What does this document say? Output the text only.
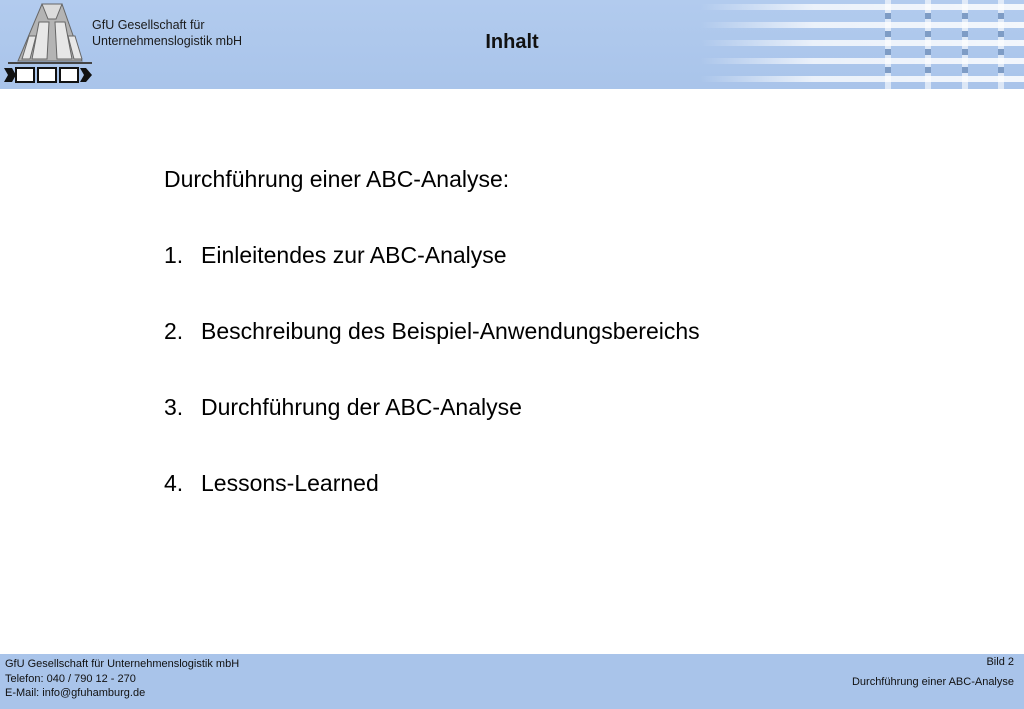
GfU Gesellschaft für
Unternehmenslogistik mbH	Inhalt
Durchführung einer ABC-Analyse:
1. Einleitendes zur ABC-Analyse
2. Beschreibung des Beispiel-Anwendungsbereichs
3. Durchführung der ABC-Analyse
4. Lessons-Learned
GfU Gesellschaft für Unternehmenslogistik mbH
Telefon: 040 / 790 12 - 270
E-Mail: info@gfuhamburg.de
Bild 2
Durchführung einer ABC-Analyse
